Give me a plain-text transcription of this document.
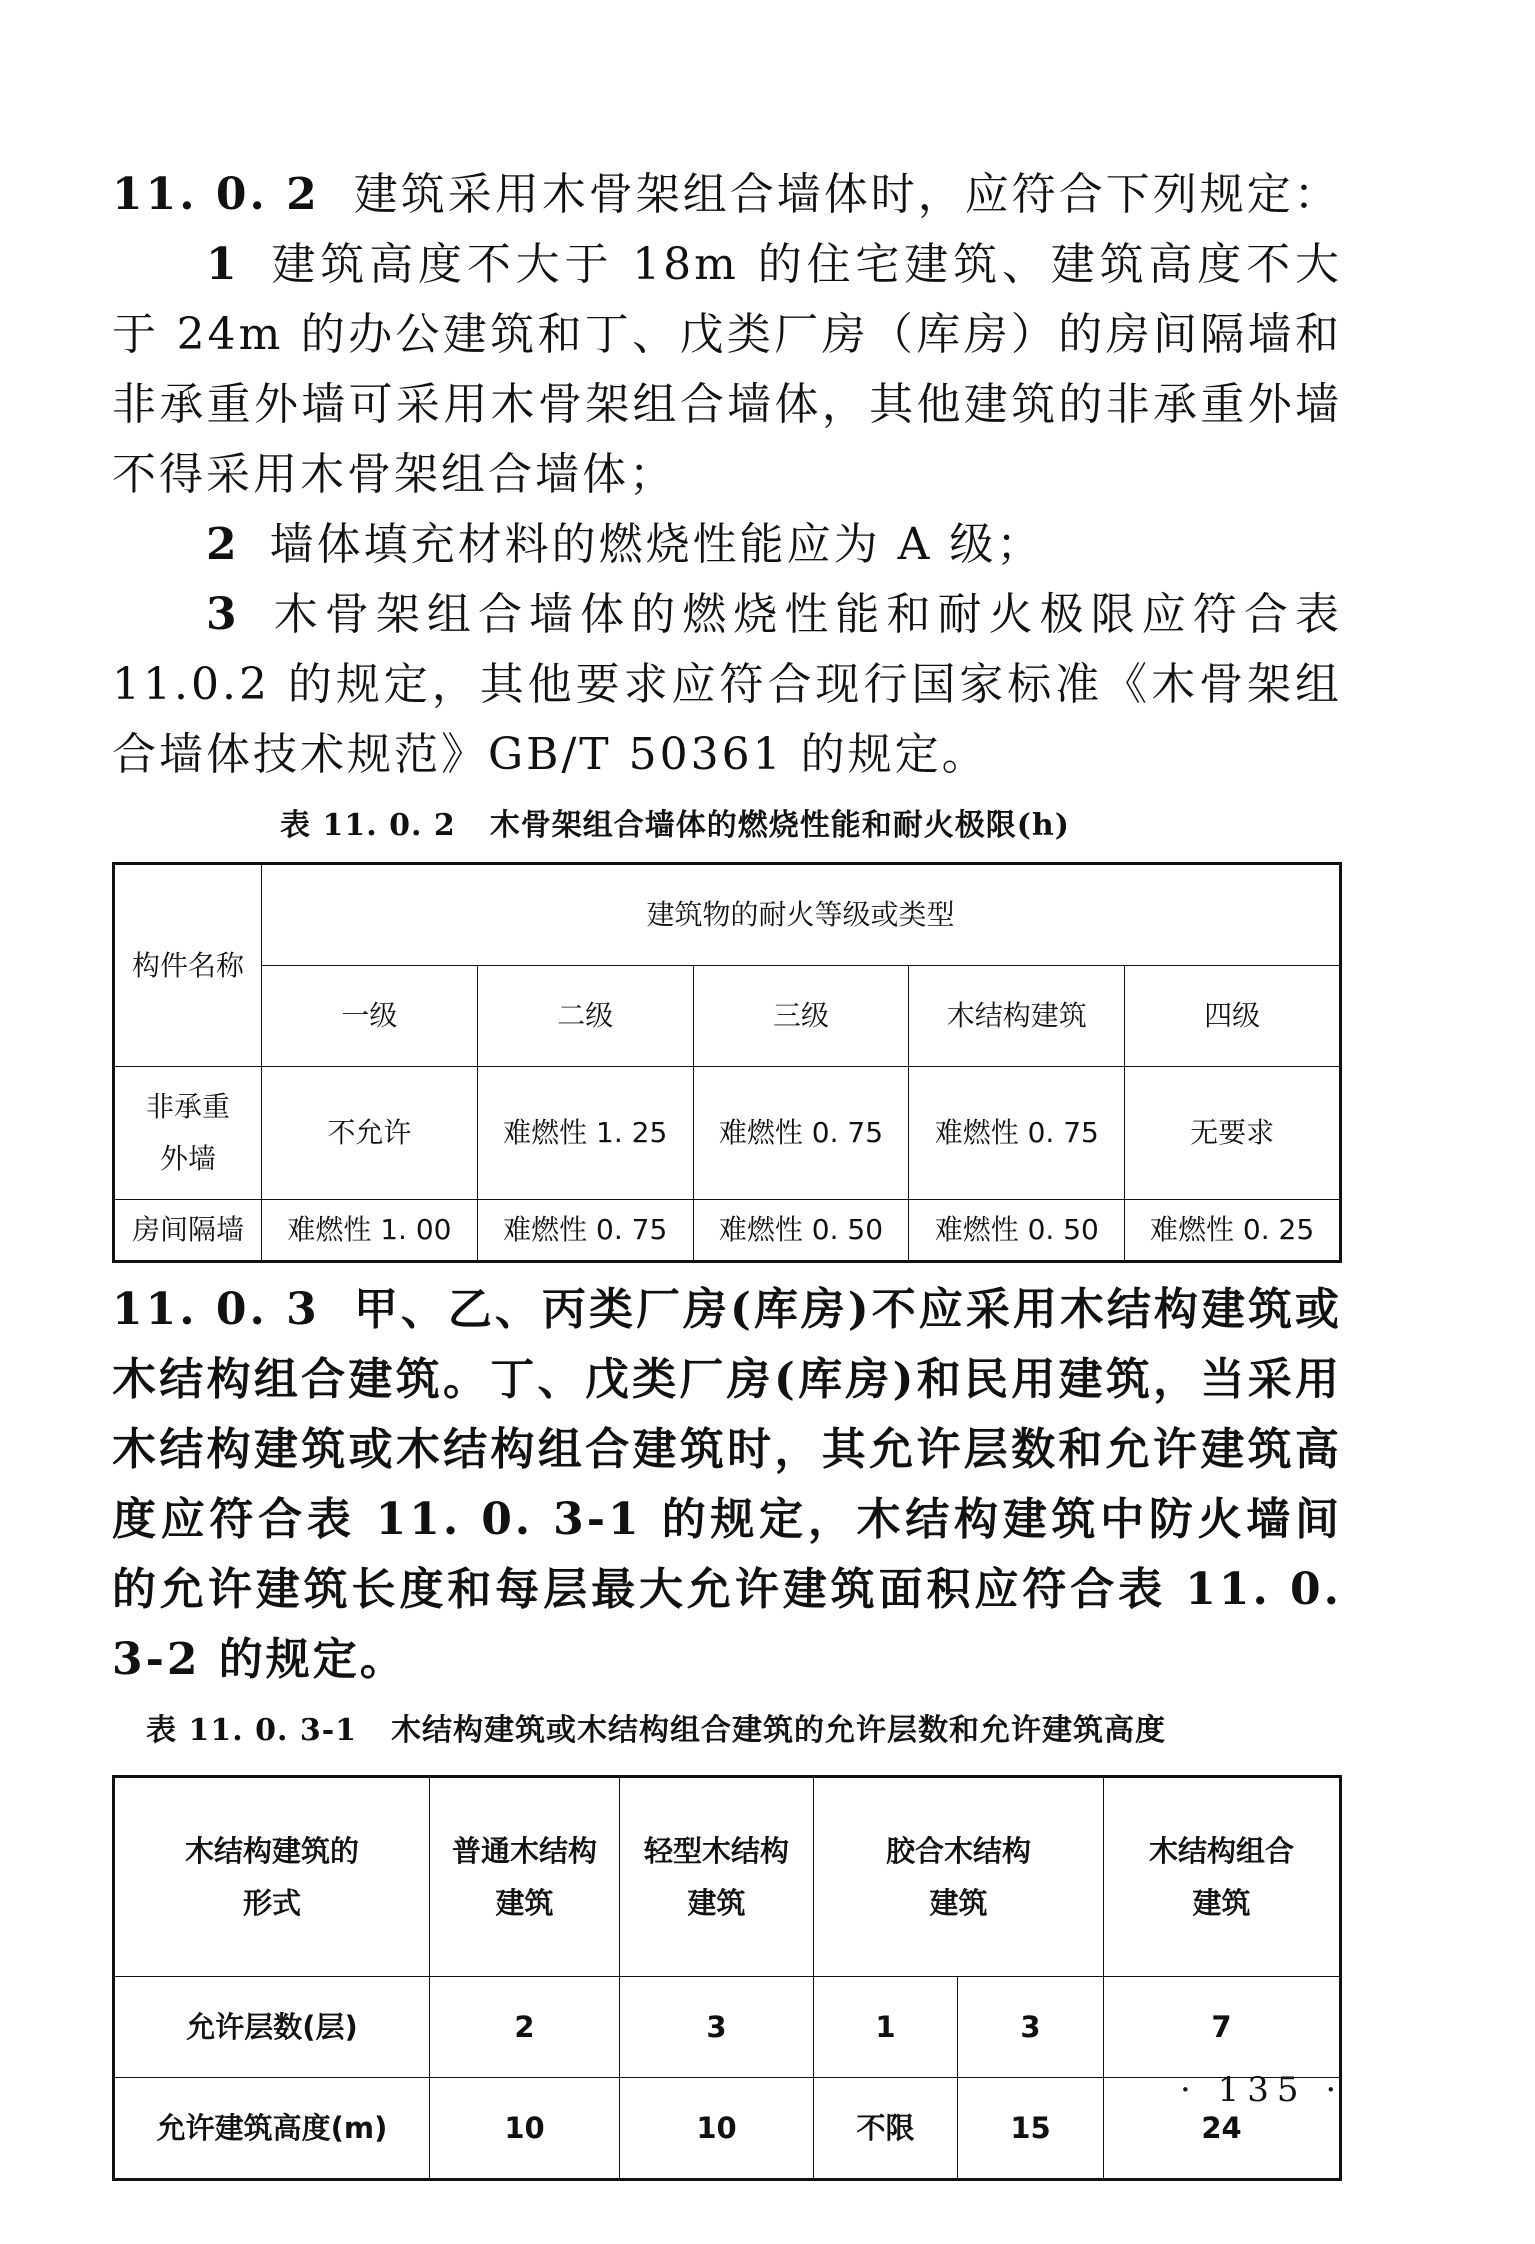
11. 0. 2 建筑采用木骨架组合墙体时，应符合下列规定：

1 建筑高度不大于 18m 的住宅建筑、建筑高度不大于 24m 的办公建筑和丁、戊类厂房（库房）的房间隔墙和非承重外墙可采用木骨架组合墙体，其他建筑的非承重外墙不得采用木骨架组合墙体；

2 墙体填充材料的燃烧性能应为 A 级；

3 木骨架组合墙体的燃烧性能和耐火极限应符合表 11.0.2 的规定，其他要求应符合现行国家标准《木骨架组合墙体技术规范》GB/T 50361 的规定。

表 11. 0. 2 木骨架组合墙体的燃烧性能和耐火极限(h)
构件名称	建筑物的耐火等级或类型				
	一级	二级	三级	木结构建筑	四级
非承重外墙	不允许	难燃性 1. 25	难燃性 0. 75	难燃性 0. 75	无要求
房间隔墙	难燃性 1. 00	难燃性 0. 75	难燃性 0. 50	难燃性 0. 50	难燃性 0. 25

11. 0. 3 甲、乙、丙类厂房(库房)不应采用木结构建筑或木结构组合建筑。丁、戊类厂房(库房)和民用建筑，当采用木结构建筑或木结构组合建筑时，其允许层数和允许建筑高度应符合表 11. 0. 3-1 的规定，木结构建筑中防火墙间的允许建筑长度和每层最大允许建筑面积应符合表 11. 0. 3-2 的规定。

表 11. 0. 3-1 木结构建筑或木结构组合建筑的允许层数和允许建筑高度
木结构建筑的形式	普通木结构建筑	轻型木结构建筑	胶合木结构建筑		木结构组合建筑
允许层数(层)	2	3	1	3	7
允许建筑高度(m)	10	10	不限	15	24
· 135 ·
